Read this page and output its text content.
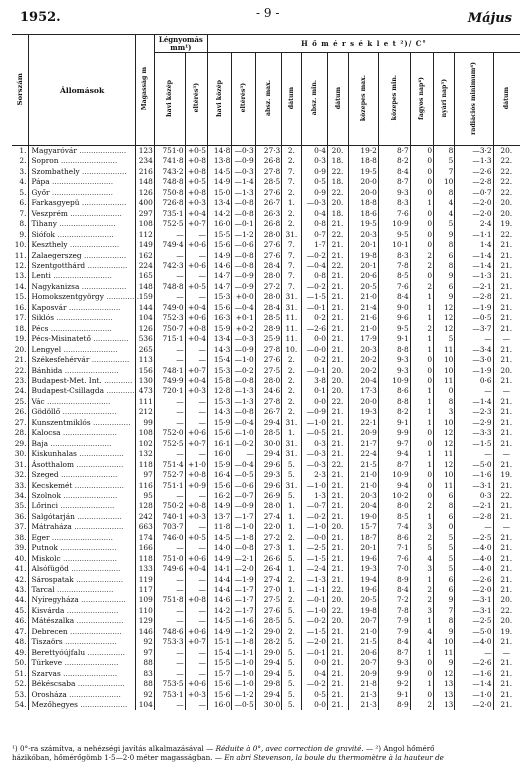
1952.	- 9 -	Május
Sorszám	Állomások	Magasság m	Légnyomás mm¹)		H ő m é r s é k l e t ²)/ C°											
			havi közép	eltérés³)	havi közép	eltérés³)	absz. max.	dátum	absz. min.	dátum	közepes max.	közepes min.	fagyos nap⁴)	nyári nap⁵)	radiációs minimum⁶)	dátum
1.	Magyaróvár ....................	123	751·0	+0·5	14·8	—0·3	27·3	2.	0·4	20.	19·2	8·7	0	8	—3·2	20.
2.	Sopron ........................	234	741·8	+0·8	13·8	—0·9	26·8	2.	0·3	18.	18·8	8·2	0	5	—1·3	22.
3.	Szombathely ...................	216	743·2	+0·8	14·5	—0·3	27·8	7.	0·9	22.	19·5	8·4	0	7	—2·6	22.
4.	Pápa ..........................	148	748·8	+0·5	14·9	—1·4	28·5	7.	0·5	18.	20·0	8·7	0	10	—2·8	22.
5.	Győr ..........................	126	750·8	+0·8	15·0	—1·3	27·6	2.	0·9	22.	20·0	9·3	0	8	—0·7	22.
6.	Farkasgyepü ...................	400	726·8	+0·3	13·4	—0·8	26·7	1.	—0·3	20.	18·8	8·3	1	4	—2·0	20.
7.	Veszprém ......................	297	735·1	+0·4	14·2	—0·8	26·3	2.	0·4	18.	18·6	7·6	0	4	—2·0	20.
8.	Tihany ........................	108	752·5	+0·7	16·0	—0·1	26·8	2.	0·8	21.	19·5	10·9	0	5	2·4	19.
9.	Siófok ........................	112	—	—	15·5	—1·2	28·0	31.	0·7	22.	20·3	9·5	0	9	—1·1	22.
10.	Keszthely .....................	149	749·4	+0·6	15·6	—0·6	27·6	7.	1·7	21.	20·1	10·1	0	8	1·4	21.
11.	Zalaegerszeg ..................	162	—	—	14·9	—0·8	27·6	7.	—0·2	21.	19·8	8·3	2	6	—1·4	21.
12.	Szentgotthárd .................	224	742·3	+0·6	14·6	—0·8	28·4	7.	—0·4	22.	20·1	7·8	2	8	—1·4	21.
13.	Lenti .........................	165	—	—	14·7	—0·9	28·0	7.	0·8	21.	20·6	8·5	0	9	—1·3	21.
14.	Nagykanizsa ...................	148	748·8	+0·5	14·7	—0·9	27·2	7.	—0·2	21.	20·5	7·6	2	6	—2·1	21.
15.	Homokszentgyörgy ..............	159	—	—	15·3	+0·0	28·0	31.	—1·5	21.	21·0	8·4	1	9	—2·8	21.
16.	Kaposvár ......................	144	749·0	+0·4	15·6	—0·4	28·4	31.	—0·1	21.	21·4	9·0	1	12	—1·9	21.
17.	Siklós ........................	104	752·3	+0·6	16·3	+0·1	28·5	11.	0·2	21.	21·6	9·6	1	12	—0·5	21.
18.	Pécs ..........................	126	750·7	+0·8	15·9	+0·2	28·9	11.	—2·6	21.	21·0	9·5	2	12	—3·7	21.
19.	Pécs-Misinatető ...............	536	715·1	+0·4	13·4	—0·3	25·9	11.	0·0	21.	17·9	9·1	1	5	—	—
20.	Lengyel .......................	265	—	—	14·3	—0·9	27·8	10.	—0·0	21.	20·3	8·8	1	11	—3·4	21.
21.	Székesfehérvár ................	113	—	—	15·4	—1·0	27·6	2.	0·2	21.	20·2	9·3	0	10	—3·0	21.
22.	Bánhida .......................	156	748·1	+0·7	15·3	—0·2	27·5	2.	—0·1	20.	20·2	9·3	0	10	—1·9	20.
23.	Budapest-Met. Int. ............	130	749·9	+0·4	15·8	—0·8	28·0	2.	3·8	20.	20·4	10·9	0	11	0·6	21.
24.	Budapest-Csillagda ............	473	720·1	+0·3	12·8	—1·3	24·6	2.	0·1	20.	17·3	8·6	1	0	—	—
25.	Vác ...........................	111	—	—	15·3	—1·3	27·8	2.	0·0	22.	20·0	8·8	1	8	—1·4	21.
26.	Gödöllő .......................	212	—	—	14·3	—0·8	26·7	2.	—0·9	21.	19·3	8·2	1	3	—2·3	21.
27.	Kunszentmiklós ................	99	—	—	15·9	—0·4	29·4	31.	—1·0	21.	22·1	9·1	1	10	—2·9	21.
28.	Kalocsa .......................	108	752·0	+0·6	15·6	—1·0	28·5	1.	—0·5	21.	20·9	9·9	0	12	—3·3	21.
29.	Baja ..........................	102	752·5	+0·7	16·1	—0·2	30·0	31.	0·3	21.	21·7	9·7	0	12	—1·5	21.
30.	Kiskunhalas ...................	132	—	—	16·0	—	29·4	31.	—0·3	21.	22·4	9·4	1	11	—	—
31.	Ásotthalom ....................	118	751·4	+1·0	15·9	—0·4	29·6	5.	—0·3	22.	21·5	8·7	1	12	—5·0	21.
32.	Szeged ........................	97	752·7	+0·8	16·4	—0·5	29·3	5.	2·3	21.	21·0	10·9	0	10	—1·6	19.
33.	Kecskemét .....................	116	751·1	+0·9	15·6	—0·6	29·6	31.	—1·0	21.	21·0	9·4	0	11	—3·1	21.
34.	Szolnok .......................	95	—	—	16·2	—0·7	26·9	5.	1·3	21.	20·3	10·2	0	6	0·3	22.
35.	Lőrinci .......................	128	750·2	+0·8	14·9	—0·9	28·0	1.	—0·7	21.	20·4	8·0	2	8	—2·1	21.
36.	Salgótarján ...................	242	740·1	+0·3	13·7	—1·7	27·4	1.	—0·2	21.	19·0	8·5	1	6	—2·8	21.
37.	Mátraháza .....................	663	703·7	—	11·8	—1·0	22·0	1.	—1·0	20.	15·7	7·4	3	0	—	—
38.	Eger ..........................	174	746·0	+0·5	14·5	—1·8	27·2	2.	—0·0	21.	18·7	8·6	2	5	—2·5	21.
39.	Putnok ........................	166	—	—	14·0	—0·8	27·3	1.	—2·5	21.	20·1	7·1	5	5	—4·0	21.
40.	Miskolc .......................	118	751·0	+0·6	14·9	—2·1	26·6	5.	—1·5	21.	19·6	7·6	4	5	—4·0	21.
41.	Alsófügöd .....................	133	749·6	+0·4	14·1	—2·0	26·4	1.	—2·4	21.	19·3	7·0	3	5	—4·0	21.
42.	Sárospatak ....................	119	—	—	14·4	—1·9	27·4	2.	—1·3	21.	19·4	8·9	1	6	—2·6	21.
43.	Tarcal ........................	117	—	—	14·4	—1·7	27·0	1.	—1·1	22.	19·6	8·4	2	6	—2·0	21.
44.	Nyíregyháza ...................	109	751·8	+0·8	14·6	—1·7	27·5	2.	—0·1	20.	20·5	7·2	2	9	—3·1	20.
45.	Kisvárda ......................	110	—	—	14·2	—1·7	27·6	5.	—1·0	22.	19·8	7·8	3	7	—3·1	22.
46.	Mátészalka ....................	129	—	—	14·5	—1·6	28·5	5.	—0·2	20.	20·7	7·9	1	8	—2·5	20.
47.	Debrecen ......................	146	748·6	+0·6	14·9	—1·2	29·0	2.	—1·5	21.	21·0	7·9	4	9	—5·0	19.
48.	Tiszaörs ......................	92	753·3	+0·7	15·1	—1·8	28·2	5.	—2·0	21.	21·5	8·4	4	10	—4·0	21.
49.	Berettyóújfalu ................	97	—	—	15·4	—1·1	29·0	5.	—0·1	21.	20·6	8·7	1	11	—	—
50.	Túrkeve .......................	88	—	—	15·5	—1·0	29·4	5.	0·0	21.	20·7	9·3	0	9	—2·6	21.
51.	Szarvas .......................	83	—	—	15·7	—1·0	29·4	5.	0·4	21.	20·9	9·9	0	12	—1·6	21.
52.	Békéscsaba ....................	88	753·5	+0·6	15·6	—1·0	29·8	5.	—0·2	21.	21·8	9·2	1	13	—1·4	21.
53.	Orosháza ......................	92	753·1	+0·3	15·6	—1·2	29·4	5.	0·5	21.	21·3	9·1	0	13	—1·0	21.
54.	Mezőhegyes ....................	104	—	—	16·0	—0·5	30·0	5.	0·0	21.	21·3	8·9	2	13	—2·0	21.
¹) 0°-ra számítva, a nehézségi javítás alkalmazásával — Réduite à 0°, avec correction de gravité. — ²) Angol hőmérő
házikóban, hőmérőgömb 1·5—2·0 méter magasságban. — En abri Stevenson, la boule du thermomètre à la hauteur de
